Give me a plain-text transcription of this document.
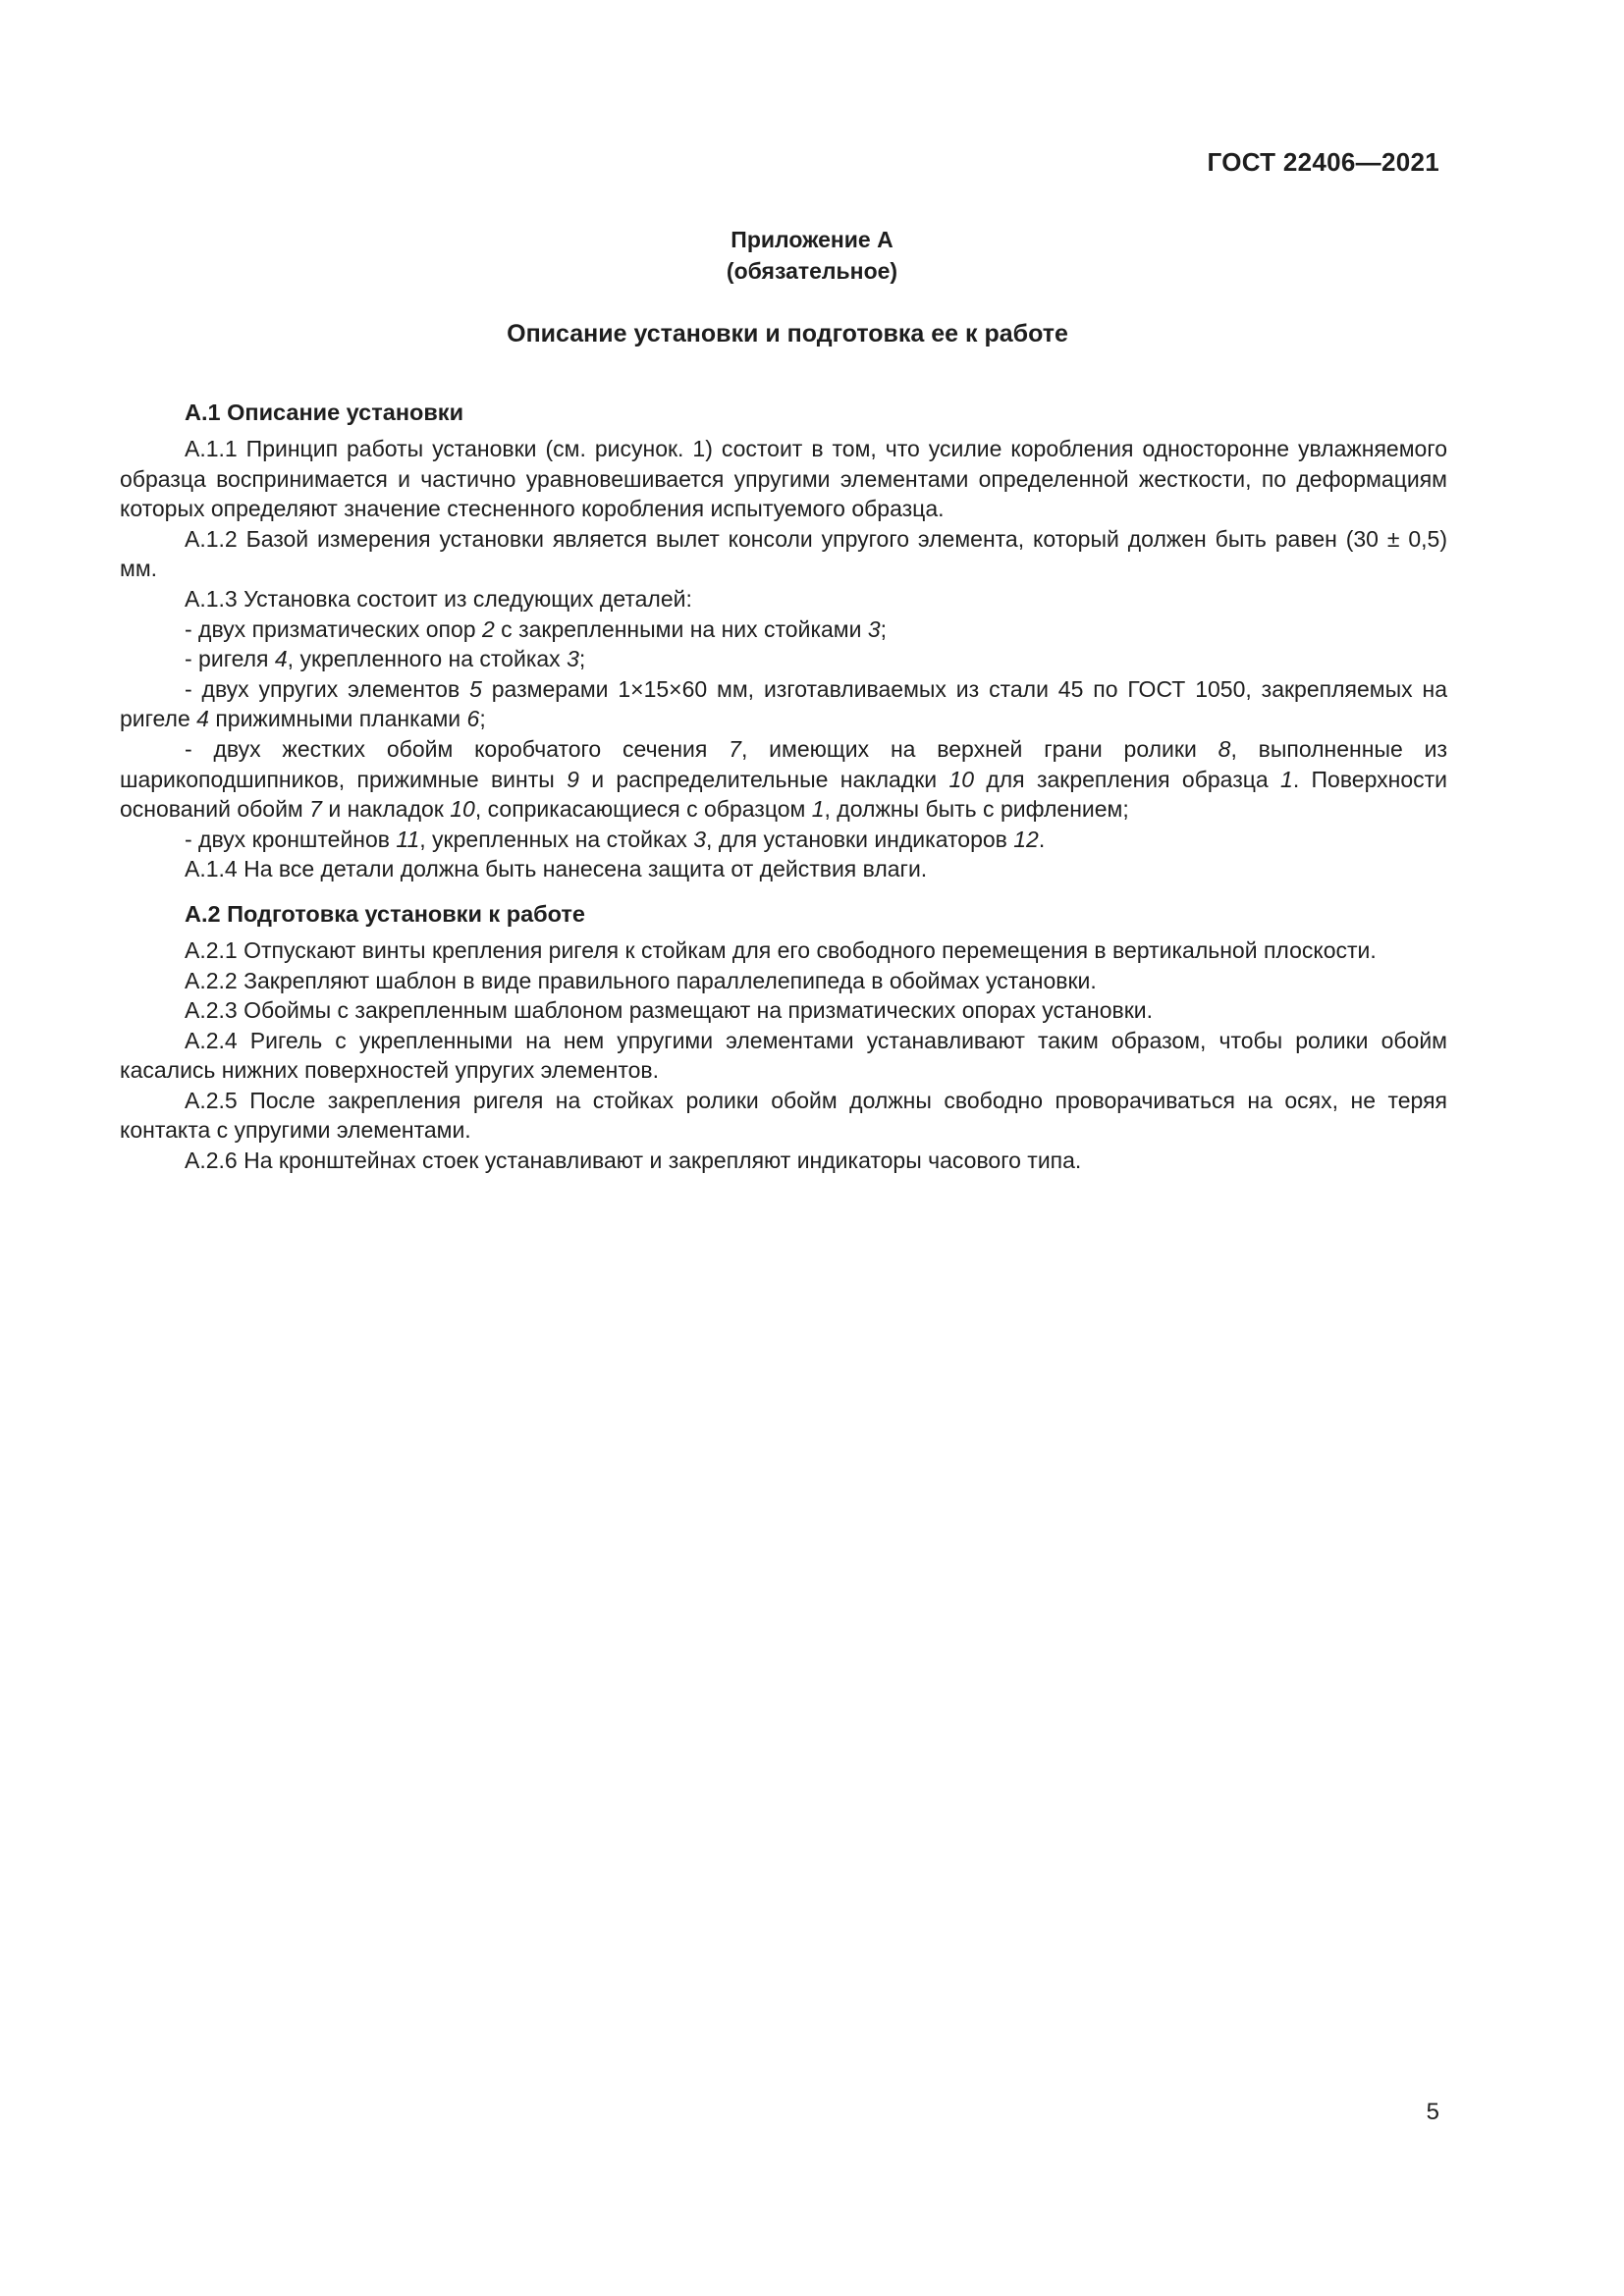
ГОСТ 22406—2021
Приложение А
(обязательное)
Описание установки и подготовка ее к работе
А.1 Описание установки

А.1.1 Принцип работы установки (см. рисунок. 1) состоит в том, что усилие коробления односторонне увлажняемого образца воспринимается и частично уравновешивается упругими элементами определенной жесткости, по деформациям которых определяют значение стесненного коробления испытуемого образца.

А.1.2 Базой измерения установки является вылет консоли упругого элемента, который должен быть равен (30 ± 0,5) мм.

А.1.3 Установка состоит из следующих деталей:

- двух призматических опор 2 с закрепленными на них стойками 3;

- ригеля 4, укрепленного на стойках 3;

- двух упругих элементов 5 размерами 1×15×60 мм, изготавливаемых из стали 45 по ГОСТ 1050, закрепляемых на ригеле 4 прижимными планками 6;

- двух жестких обойм коробчатого сечения 7, имеющих на верхней грани ролики 8, выполненные из шарикоподшипников, прижимные винты 9 и распределительные накладки 10 для закрепления образца 1. Поверхности оснований обойм 7 и накладок 10, соприкасающиеся с образцом 1, должны быть с рифлением;

- двух кронштейнов 11, укрепленных на стойках 3, для установки индикаторов 12.

А.1.4 На все детали должна быть нанесена защита от действия влаги.

А.2 Подготовка установки к работе

А.2.1 Отпускают винты крепления ригеля к стойкам для его свободного перемещения в вертикальной плоскости.

А.2.2 Закрепляют шаблон в виде правильного параллелепипеда в обоймах установки.

А.2.3 Обоймы с закрепленным шаблоном размещают на призматических опорах установки.

А.2.4 Ригель с укрепленными на нем упругими элементами устанавливают таким образом, чтобы ролики обойм касались нижних поверхностей упругих элементов.

А.2.5 После закрепления ригеля на стойках ролики обойм должны свободно проворачиваться на осях, не теряя контакта с упругими элементами.

А.2.6 На кронштейнах стоек устанавливают и закрепляют индикаторы часового типа.

5
